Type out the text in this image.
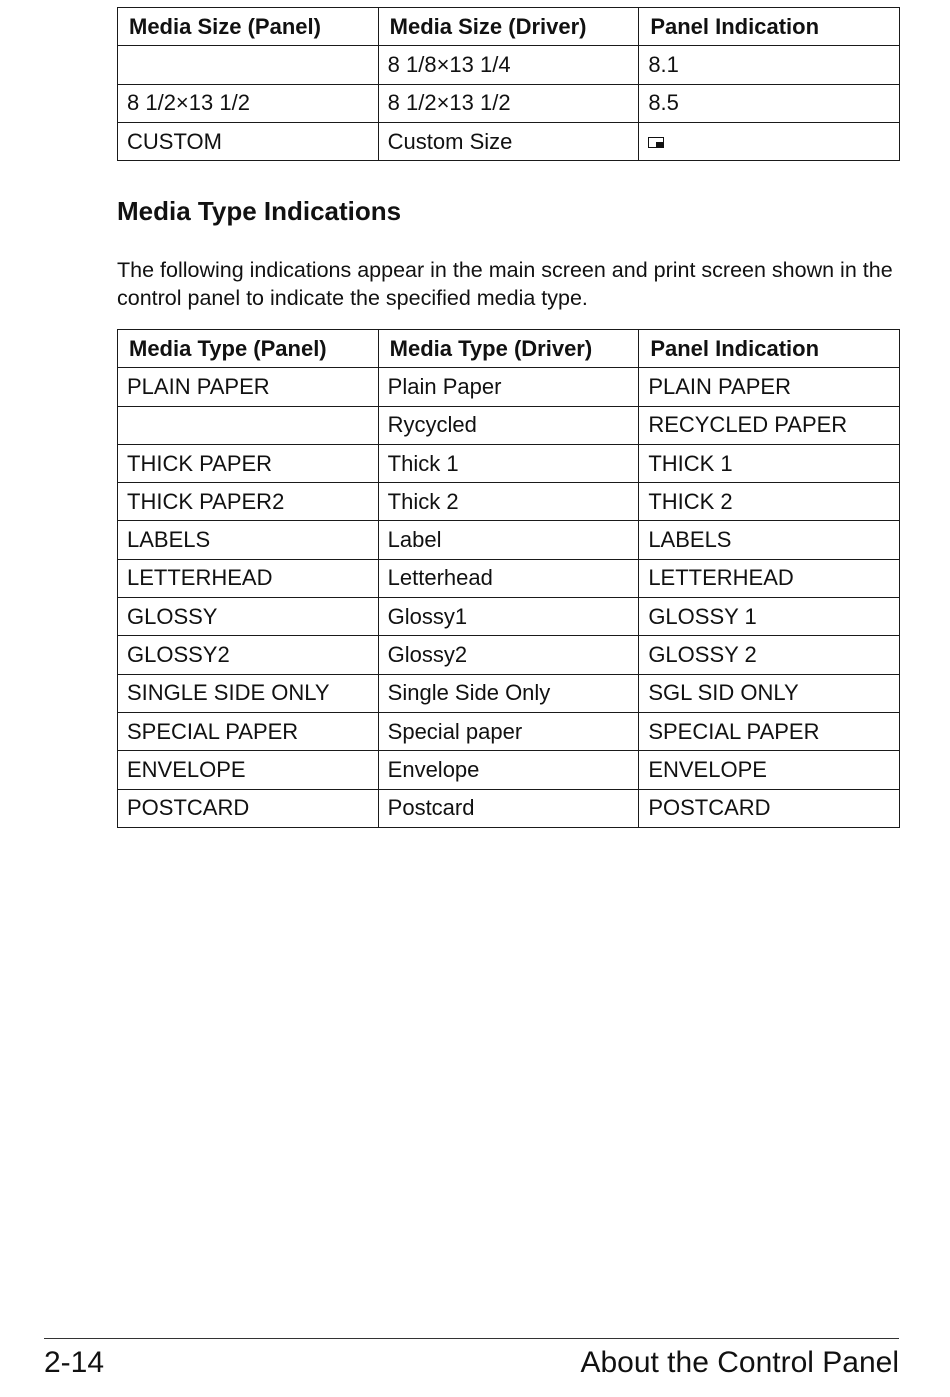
Media Size (Panel)	Media Size (Driver)	Panel Indication
	8 1/8×13 1/4	8.1
8 1/2×13 1/2	8 1/2×13 1/2	8.5
CUSTOM	Custom Size	
Media Type Indications

The following indications appear in the main screen and print screen shown in the control panel to indicate the specified media type.

Media Type (Panel)	Media Type (Driver)	Panel Indication
PLAIN PAPER	Plain Paper	PLAIN PAPER
	Rycycled	RECYCLED PAPER
THICK PAPER	Thick 1	THICK 1
THICK PAPER2	Thick 2	THICK 2
LABELS	Label	LABELS
LETTERHEAD	Letterhead	LETTERHEAD
GLOSSY	Glossy1	GLOSSY 1
GLOSSY2	Glossy2	GLOSSY 2
SINGLE SIDE ONLY	Single Side Only	SGL SID ONLY
SPECIAL PAPER	Special paper	SPECIAL PAPER
ENVELOPE	Envelope	ENVELOPE
POSTCARD	Postcard	POSTCARD
2-14	About the Control Panel
